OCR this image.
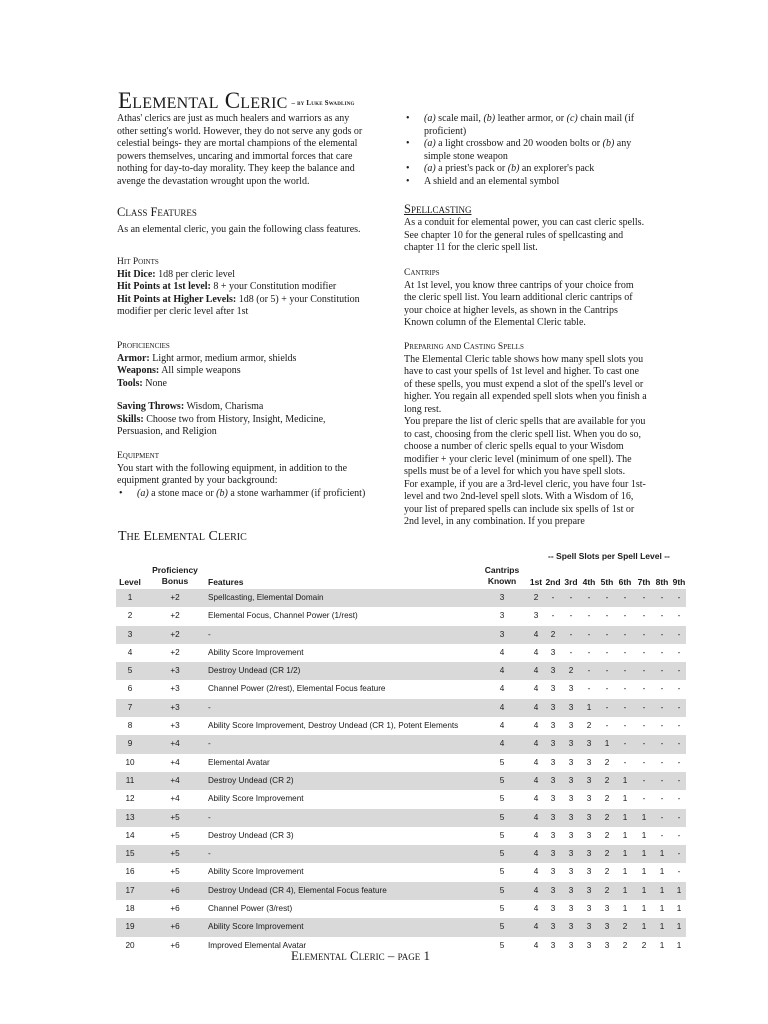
Elemental Cleric – by Luke Swadling

Athas' clerics are just as much healers and warriors as any other setting's world. However, they do not serve any gods or celestial beings- they are mortal champions of the elemental powers themselves, uncaring and immortal forces that care nothing for day-to-day morality. They keep the balance and avenge the devastation wrought upon the world.

Class Features

As an elemental cleric, you gain the following class features.

Hit Points

Hit Dice: 1d8 per cleric level

Hit Points at 1st level: 8 + your Constitution modifier

Hit Points at Higher Levels: 1d8 (or 5) + your Constitution modifier per cleric level after 1st

Proficiencies

Armor: Light armor, medium armor, shields

Weapons: All simple weapons

Tools: None

Saving Throws: Wisdom, Charisma

Skills: Choose two from History, Insight, Medicine, Persuasion, and Religion

Equipment

You start with the following equipment, in addition to the equipment granted by your background:

• (a) a stone mace or (b) a stone warhammer (if proficient)
• (a) scale mail, (b) leather armor, or (c) chain mail (if proficient)
• (a) a light crossbow and 20 wooden bolts or (b) any simple stone weapon
• (a) a priest's pack or (b) an explorer's pack
• A shield and an elemental symbol
Spellcasting

As a conduit for elemental power, you can cast cleric spells. See chapter 10 for the general rules of spellcasting and chapter 11 for the cleric spell list.

Cantrips

At 1st level, you know three cantrips of your choice from the cleric spell list. You learn additional cleric cantrips of your choice at higher levels, as shown in the Cantrips Known column of the Elemental Cleric table.

Preparing and Casting Spells

The Elemental Cleric table shows how many spell slots you have to cast your spells of 1st level and higher. To cast one of these spells, you must expend a slot of the spell's level or higher. You regain all expended spell slots when you finish a long rest.

You prepare the list of cleric spells that are available for you to cast, choosing from the cleric spell list. When you do so, choose a number of cleric spells equal to your Wisdom modifier + your cleric level (minimum of one spell). The spells must be of a level for which you have spell slots.

For example, if you are a 3rd-level cleric, you have four 1st-level and two 2nd-level spell slots. With a Wisdom of 16, your list of prepared spells can include six spells of 1st or 2nd level, in any combination. If you prepare

The Elemental Cleric
-- Spell Slots per Spell Level --
Level
Proficiency
Bonus	Features
Cantrips
Known	1st 2nd 3rd 4th 5th 6th 7th 8th 9th
1	+2	Spellcasting, Elemental Domain	3	2	-	-	-	-	-	-	-	-
2	+2	Elemental Focus, Channel Power (1/rest)	3	3	-	-	-	-	-	-	-	-
3	+2	-	3	4	2	-	-	-	-	-	-	-
4	+2	Ability Score Improvement	4	4	3	-	-	-	-	-	-	-
5	+3	Destroy Undead (CR 1/2)	4	4	3	2	-	-	-	-	-	-
6	+3	Channel Power (2/rest), Elemental Focus feature	4	4	3	3	-	-	-	-	-	-
7	+3	-	4	4	3	3	1	-	-	-	-	-
8	+3	Ability Score Improvement, Destroy Undead (CR 1), Potent Elements	4	4	3	3	2	-	-	-	-	-
9	+4	-	4	4	3	3	3	1	-	-	-	-
10	+4	Elemental Avatar	5	4	3	3	3	2	-	-	-	-
11	+4	Destroy Undead (CR 2)	5	4	3	3	3	2	1	-	-	-
12	+4	Ability Score Improvement	5	4	3	3	3	2	1	-	-	-
13	+5	-	5	4	3	3	3	2	1	1	-	-
14	+5	Destroy Undead (CR 3)	5	4	3	3	3	2	1	1	-	-
15	+5	-	5	4	3	3	3	2	1	1	1	-
16	+5	Ability Score Improvement	5	4	3	3	3	2	1	1	1	-
17	+6	Destroy Undead (CR 4), Elemental Focus feature	5	4	3	3	3	2	1	1	1	1
18	+6	Channel Power (3/rest)	5	4	3	3	3	3	1	1	1	1
19	+6	Ability Score Improvement	5	4	3	3	3	3	2	1	1	1
20	+6	Improved Elemental Avatar	5	4	3	3	3	3	2	2	1	1
Elemental Cleric – page 1
